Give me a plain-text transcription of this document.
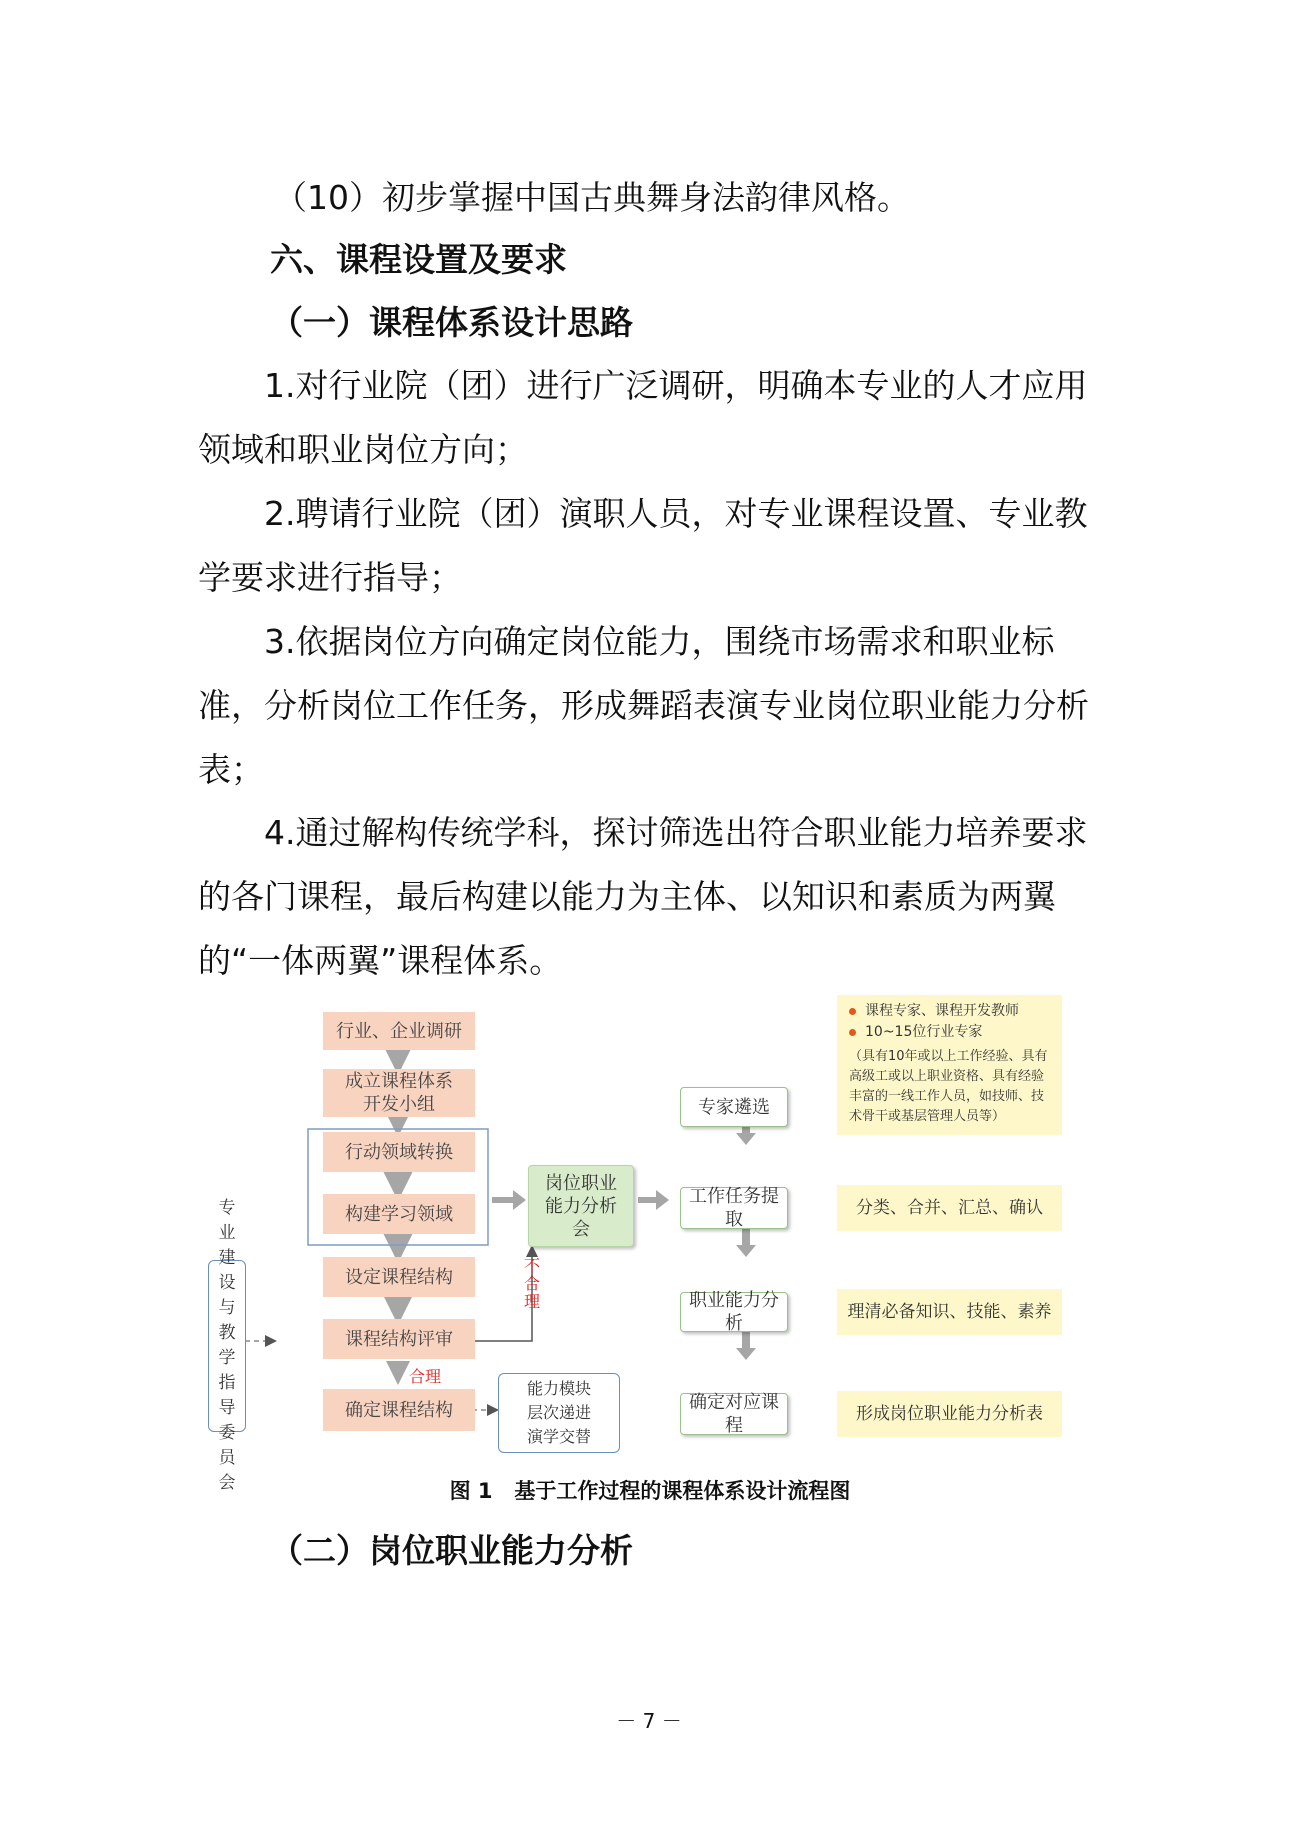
（10）初步掌握中国古典舞身法韵律风格。

六、课程设置及要求

（一）课程体系设计思路

1.对行业院（团）进行广泛调研，明确本专业的人才应用领域和职业岗位方向；

2.聘请行业院（团）演职人员，对专业课程设置、专业教学要求进行指导；

3.依据岗位方向确定岗位能力，围绕市场需求和职业标准，分析岗位工作任务，形成舞蹈表演专业岗位职业能力分析表；

4.通过解构传统学科，探讨筛选出符合职业能力培养要求的各门课程，最后构建以能力为主体、以知识和素质为两翼的“一体两翼”课程体系。

行业、企业调研
成立课程体系开发小组
行动领域转换
构建学习领域
设定课程结构
课程结构评审
确定课程结构
专业建设与教学指导委员会
岗位职业能力分析会
不合理
合理
能力模块层次递进演学交替
专家遴选
工作任务提取
职业能力分析
确定对应课程
课程专家、课程开发教师
10~15位行业专家
（具有10年或以上工作经验、具有高级工或以上职业资格、具有经验丰富的一线工作人员，如技师、技术骨干或基层管理人员等）
分类、合并、汇总、确认
理清必备知识、技能、素养
形成岗位职业能力分析表
图 1   基于工作过程的课程体系设计流程图

（二）岗位职业能力分析

－ 7 －
